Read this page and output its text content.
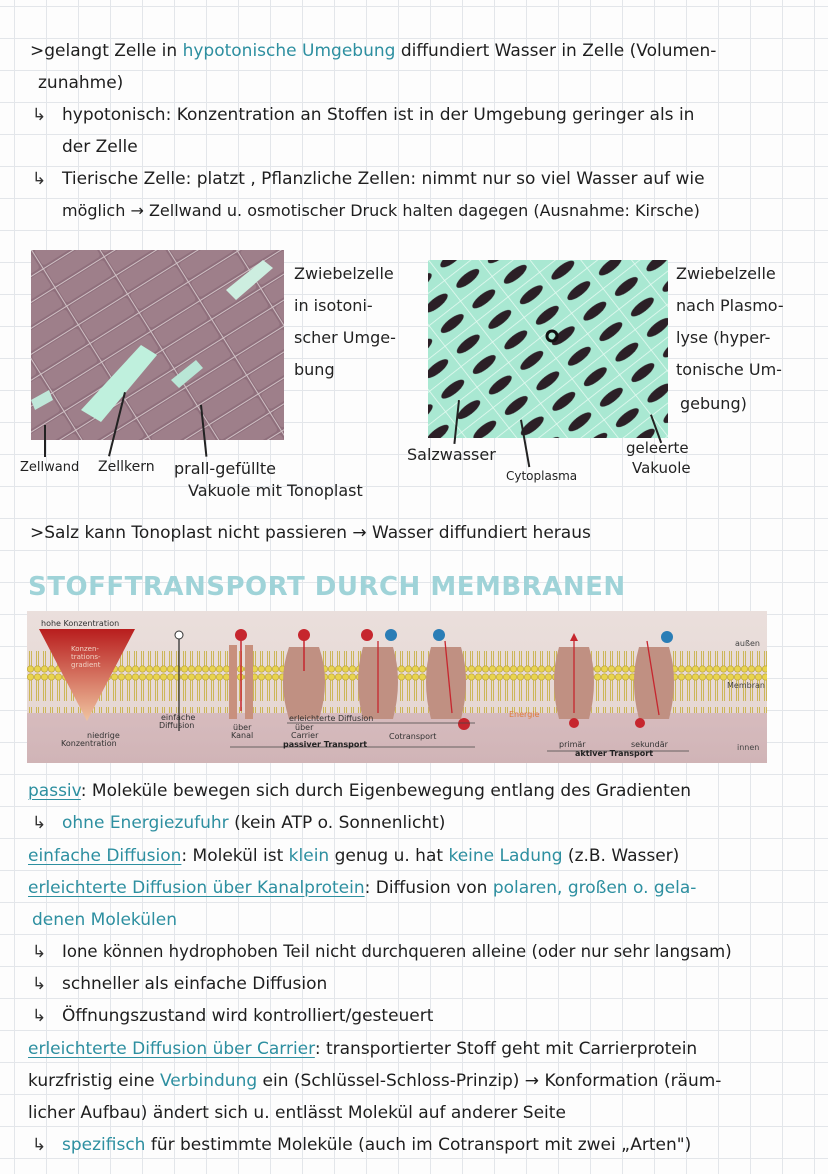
>gelangt Zelle in hypotonische Umgebung diffundiert Wasser in Zelle (Volumen-
zunahme)
↳ hypotonisch: Konzentration an Stoffen ist in der Umgebung geringer als in
der Zelle
↳ Tierische Zelle: platzt , Pflanzliche Zellen: nimmt nur so viel Wasser auf wie
möglich → Zellwand u. osmotischer Druck halten dagegen (Ausnahme: Kirsche)
Zellwand Zellkern prall-gefüllte
Vakuole mit Tonoplast
Zwiebelzelle
in isotoni-
scher Umge-
bung
Salzwasser
Cytoplasma
geleerte
Vakuole
Zwiebelzelle
nach Plasmo-
lyse (hyper-
tonische Um-
gebung)
>Salz kann Tonoplast nicht passieren → Wasser diffundiert heraus
STOFFTRANSPORT DURCH MEMBRANEN
hohe Konzentration
Konzen-
trations-
gradient
niedrige
Konzentration
außen
Membran
innen
einfache
Diffusion	über
Kanal
über
Carrier
erleichterte Diffusion
Cotransport
passiver Transport
Energie
primär	sekundär
aktiver Transport
passiv: Moleküle bewegen sich durch Eigenbewegung entlang des Gradienten
↳ ohne Energiezufuhr (kein ATP o. Sonnenlicht)
einfache Diffusion: Molekül ist klein genug u. hat keine Ladung (z.B. Wasser)
erleichterte Diffusion über Kanalprotein: Diffusion von polaren, großen o. gela-
denen Molekülen
↳ Ione können hydrophoben Teil nicht durchqueren alleine (oder nur sehr langsam)
↳ schneller als einfache Diffusion
↳ Öffnungszustand wird kontrolliert/gesteuert
erleichterte Diffusion über Carrier: transportierter Stoff geht mit Carrierprotein
kurzfristig eine Verbindung ein (Schlüssel-Schloss-Prinzip) → Konformation (räum-
licher Aufbau) ändert sich u. entlässt Molekül auf anderer Seite
↳ spezifisch für bestimmte Moleküle (auch im Cotransport mit zwei „Arten")
